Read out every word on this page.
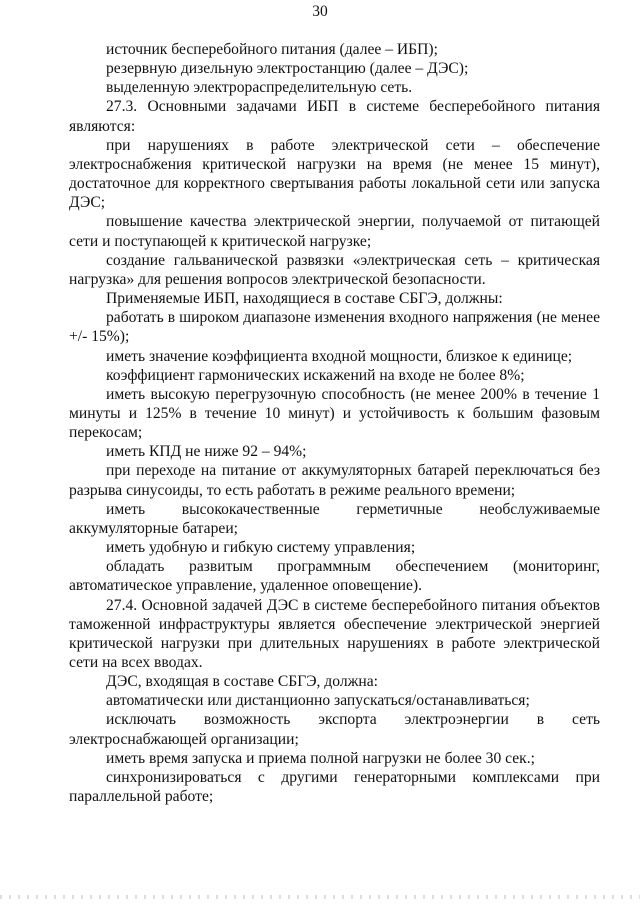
30

источник бесперебойного питания (далее – ИБП);

резервную дизельную электростанцию (далее – ДЭС);

выделенную электрораспределительную сеть.

27.3. Основными задачами ИБП в системе бесперебойного питания являются:

при нарушениях в работе электрической сети – обеспечение электроснабжения критической нагрузки на время (не менее 15 минут), достаточное для корректного свертывания работы локальной сети или запуска ДЭС;

повышение качества электрической энергии, получаемой от питающей сети и поступающей к критической нагрузке;

создание гальванической развязки «электрическая сеть – критическая нагрузка» для решения вопросов электрической безопасности.

Применяемые ИБП, находящиеся в составе СБГЭ, должны:

работать в широком диапазоне изменения входного напряжения (не менее +/- 15%);

иметь значение коэффициента входной мощности, близкое к единице;

коэффициент гармонических искажений на входе не более 8%;

иметь высокую перегрузочную способность (не менее 200% в течение 1 минуты и 125% в течение 10 минут) и устойчивость к большим фазовым перекосам;

иметь КПД не ниже 92 – 94%;

при переходе на питание от аккумуляторных батарей переключаться без разрыва синусоиды, то есть работать в режиме реального времени;

иметь высококачественные герметичные необслуживаемые аккумуляторные батареи;

иметь удобную и гибкую систему управления;

обладать развитым программным обеспечением (мониторинг, автоматическое управление, удаленное оповещение).

27.4. Основной задачей ДЭС в системе бесперебойного питания объектов таможенной инфраструктуры является обеспечение электрической энергией критической нагрузки при длительных нарушениях в работе электрической сети на всех вводах.

ДЭС, входящая в составе СБГЭ, должна:

автоматически или дистанционно запускаться/останавливаться;

исключать возможность экспорта электроэнергии в сеть электроснабжающей организации;

иметь время запуска и приема полной нагрузки не более 30 сек.;

синхронизироваться с другими генераторными комплексами при параллельной работе;
